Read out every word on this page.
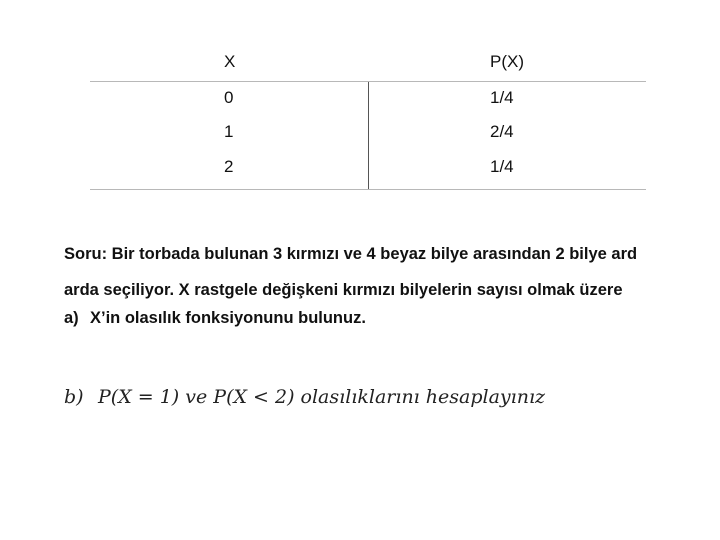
X	P(X)
0	1/4
1	2/4
2	1/4

Soru: Bir torbada bulunan 3 kırmızı ve 4 beyaz bilye arasından 2 bilye ard

arda seçiliyor. X rastgele değişkeni kırmızı bilyelerin sayısı olmak üzere

a) X’in olasılık fonksiyonunu bulunuz.
b) P(X = 1) ve P(X < 2) olasılıklarını hesaplayınız
